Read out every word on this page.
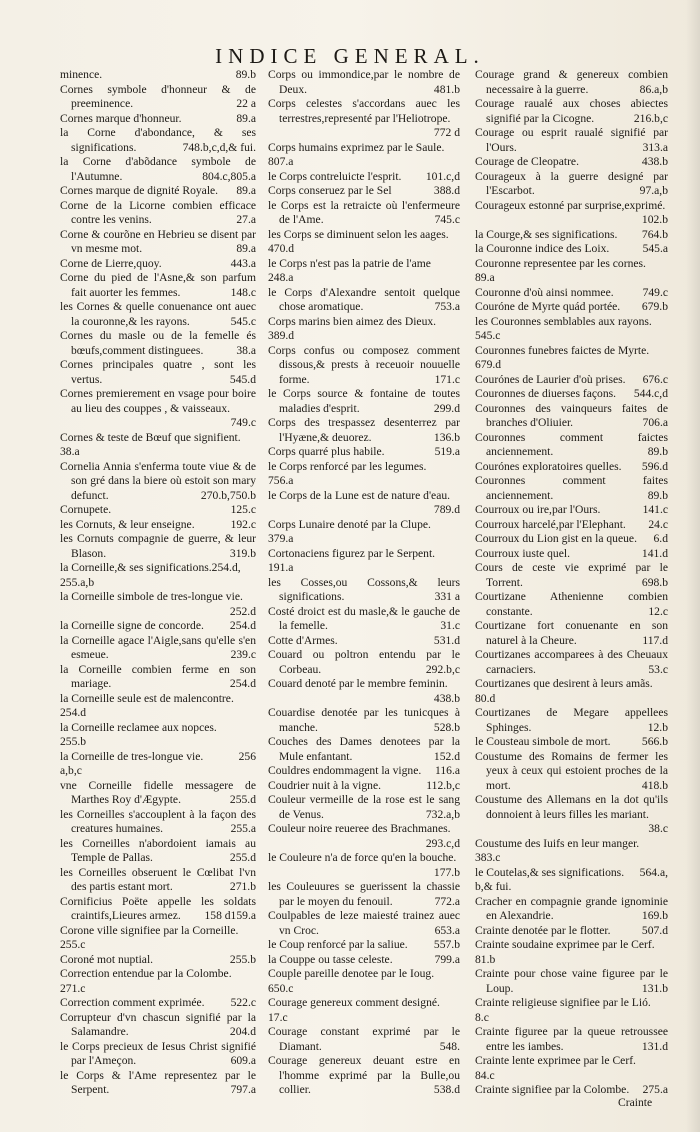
INDICE GENERAL.
minence.	89.b
Cornes symbole d'honneur & de preeminence.	22 a
Cornes marque d'honneur.	89.a
la Corne d'abondance, & ses significations.	748.b,c,d,& fui.
la Corne d'abõdance symbole de l'Autumne.	804.c,805.a
Cornes marque de dignité Royale. 89.a
Corne de la Licorne combien efficace contre les venins.	27.a
Corne & courõne en Hebrieu se disent par vn mesme mot.	89.a
Corne de Lierre,quoy.	443.a
Corne du pied de l'Asne,& son parfum fait auorter les femmes.	148.c
les Cornes & quelle conuenance ont auec la couronne,& les rayons.	545.c
Cornes du masle ou de la femelle és bœufs,comment distinguees.	38.a
Cornes principales quatre , sont les vertus.	545.d
Cornes premierement en vsage pour boire au lieu des couppes , & vaisseaux.
749.c
Cornes & teste de Bœuf que signifient.
38.a
Cornelia Annia s'enferma toute viue & de son gré dans la biere où estoit son mary defunct.	270.b,750.b
Cornupete.	125.c
les Cornuts, & leur enseigne.	192.c
les Cornuts compagnie de guerre, & leur Blason.	319.b
la Corneille,& ses significations.254.d,
255.a,b
la Corneille simbole de tres-longue vie.
252.d
la Corneille signe de concorde. 254.d
la Corneille agace l'Aigle,sans qu'elle s'en esmeue.	239.c
la Corneille combien ferme en son mariage.	254.d
la Corneille seule est de malencontre.
254.d
la Corneille reclamee aux nopces.
255.b
la Corneille de tres-longue vie.	256
a,b,c
vne Corneille fidelle messagere de Marthes Roy d'Ægypte.	255.d
les Corneilles s'accouplent à la façon des creatures humaines.	255.a
les Corneilles n'abordoient iamais au Temple de Pallas.	255.d
les Corneilles obseruent le Cœlibat l'vn des partis estant mort.	271.b
Cornificius Poëte appelle les soldats craintifs,Lieures armez. 158 d159.a
Corone ville signifiee par la Corneille.
255.c
Coroné mot nuptial.	255.b
Correction entendue par la Colombe.
271.c
Correction comment exprimée. 522.c
Corrupteur d'vn chascun signifié par la Salamandre.	204.d
le Corps precieux de Iesus Christ signifié par l'Ameçon.	609.a
le Corps & l'Ame representez par le Serpent.	797.a
Corps ou immondice,par le nombre de Deux.	481.b
Corps celestes s'accordans auec les terrestres,representé par l'Heliotrope.
772 d
Corps humains exprimez par le Saule.
807.a
le Corps contreluicte l'esprit. 101.c,d
Corps conseruez par le Sel	388.d
le Corps est la retraicte où l'enfermeure de l'Ame.	745.c
les Corps se diminuent selon les aages.
470.d
le Corps n'est pas la patrie de l'ame
248.a
le Corps d'Alexandre sentoit quelque chose aromatique.	753.a
Corps marins bien aimez des Dieux.
389.d
Corps confus ou composez comment dissous,& prests à receuoir nouuelle forme.	171.c
le Corps source & fontaine de toutes maladies d'esprit.	299.d
Corps des trespassez desenterrez par l'Hyæne,& deuorez.	136.b
Corps quarré plus habile.	519.a
le Corps renforcé par les legumes.
756.a
le Corps de la Lune est de nature d'eau.
789.d
Corps Lunaire denoté par la Clupe.
379.a
Cortonaciens figurez par le Serpent.
191.a
les Cosses,ou Cossons,& leurs significations.	331 a
Costé droict est du masle,& le gauche de la femelle.	31.c
Cotte d'Armes.	531.d
Couard ou poltron entendu par le Corbeau.	292.b,c
Couard denoté par le membre feminin.
438.b
Couardise denotée par les tunicques à manche.	528.b
Couches des Dames denotees par la Mule enfantant.	152.d
Couldres endommagent la vigne. 116.a
Coudrier nuit à la vigne.	112.b,c
Couleur vermeille de la rose est le sang de Venus.	732.a,b
Couleur noire reueree des Brachmanes.
293.c,d
le Couleure n'a de force qu'en la bouche.
177.b
les Couleuures se guerissent la chassie par le moyen du fenouil.	772.a
Coulpables de leze maiesté trainez auec vn Croc.	653.a
le Coup renforcé par la saliue. 557.b
la Couppe ou tasse celeste.	799.a
Couple pareille denotee par le Ioug.
650.c
Courage genereux comment designé.
17.c
Courage constant exprimé par le Diamant.	548.
Courage genereux deuant estre en l'homme exprimé par la Bulle,ou collier.	538.d
Courage grand & genereux combien necessaire à la guerre.	86.a,b
Courage raualé aux choses abiectes signifié par la Cicogne.	216.b,c
Courage ou esprit raualé signifié par l'Ours.	313.a
Courage de Cleopatre.	438.b
Courageux à la guerre designé par l'Escarbot.	97.a,b
Courageux estonné par surprise,exprimé.
102.b
la Courge,& ses significations. 764.b
la Couronne indice des Loix.	545.a
Couronne representee par les cornes.
89.a
Couronne d'où ainsi nommee. 749.c
Couróne de Myrte quád portée. 679.b
les Couronnes semblables aux rayons.
545.c
Couronnes funebres faictes de Myrte.
679.d
Courónes de Laurier d'où prises. 676.c
Couronnes de diuerses façons. 544.c,d
Couronnes des vainqueurs faites de branches d'Oliuier.	706.a
Couronnes comment faictes anciennement.	89.b
Courónes exploratoires quelles. 596.d
Couronnes comment faites anciennement.	89.b
Courroux ou ire,par l'Ours.	141.c
Courroux harcelé,par l'Elephant. 24.c
Courroux du Lion gist en la queue. 6.d
Courroux iuste quel.	141.d
Cours de ceste vie exprimé par le Torrent.	698.b
Courtizane Athenienne combien constante.	12.c
Courtizane fort conuenante en son naturel à la Cheure.	117.d
Courtizanes accomparees à des Cheuaux carnaciers.	53.c
Courtizanes que desirent à leurs amãs.
80.d
Courtizanes de Megare appellees Sphinges.	12.b
le Cousteau simbole de mort.	566.b
Coustume des Romains de fermer les yeux à ceux qui estoient proches de la mort.	418.b
Coustume des Allemans en la dot qu'ils donnoient à leurs filles les mariant.
38.c
Coustume des Iuifs en leur manger.
383.c
le Coutelas,& ses significations. 564.a,
b,& fui.
Cracher en compagnie grande ignominie en Alexandrie.	169.b
Crainte denotée par le flotter.	507.d
Crainte soudaine exprimee par le Cerf.
81.b
Crainte pour chose vaine figuree par le Loup.	131.b
Crainte religieuse signifiee par le Lió.
8.c
Crainte figuree par la queue retroussee entre les iambes.	131.d
Crainte lente exprimee par le Cerf.
84.c
Crainte signifiee par la Colombe. 275.a
Crainte
